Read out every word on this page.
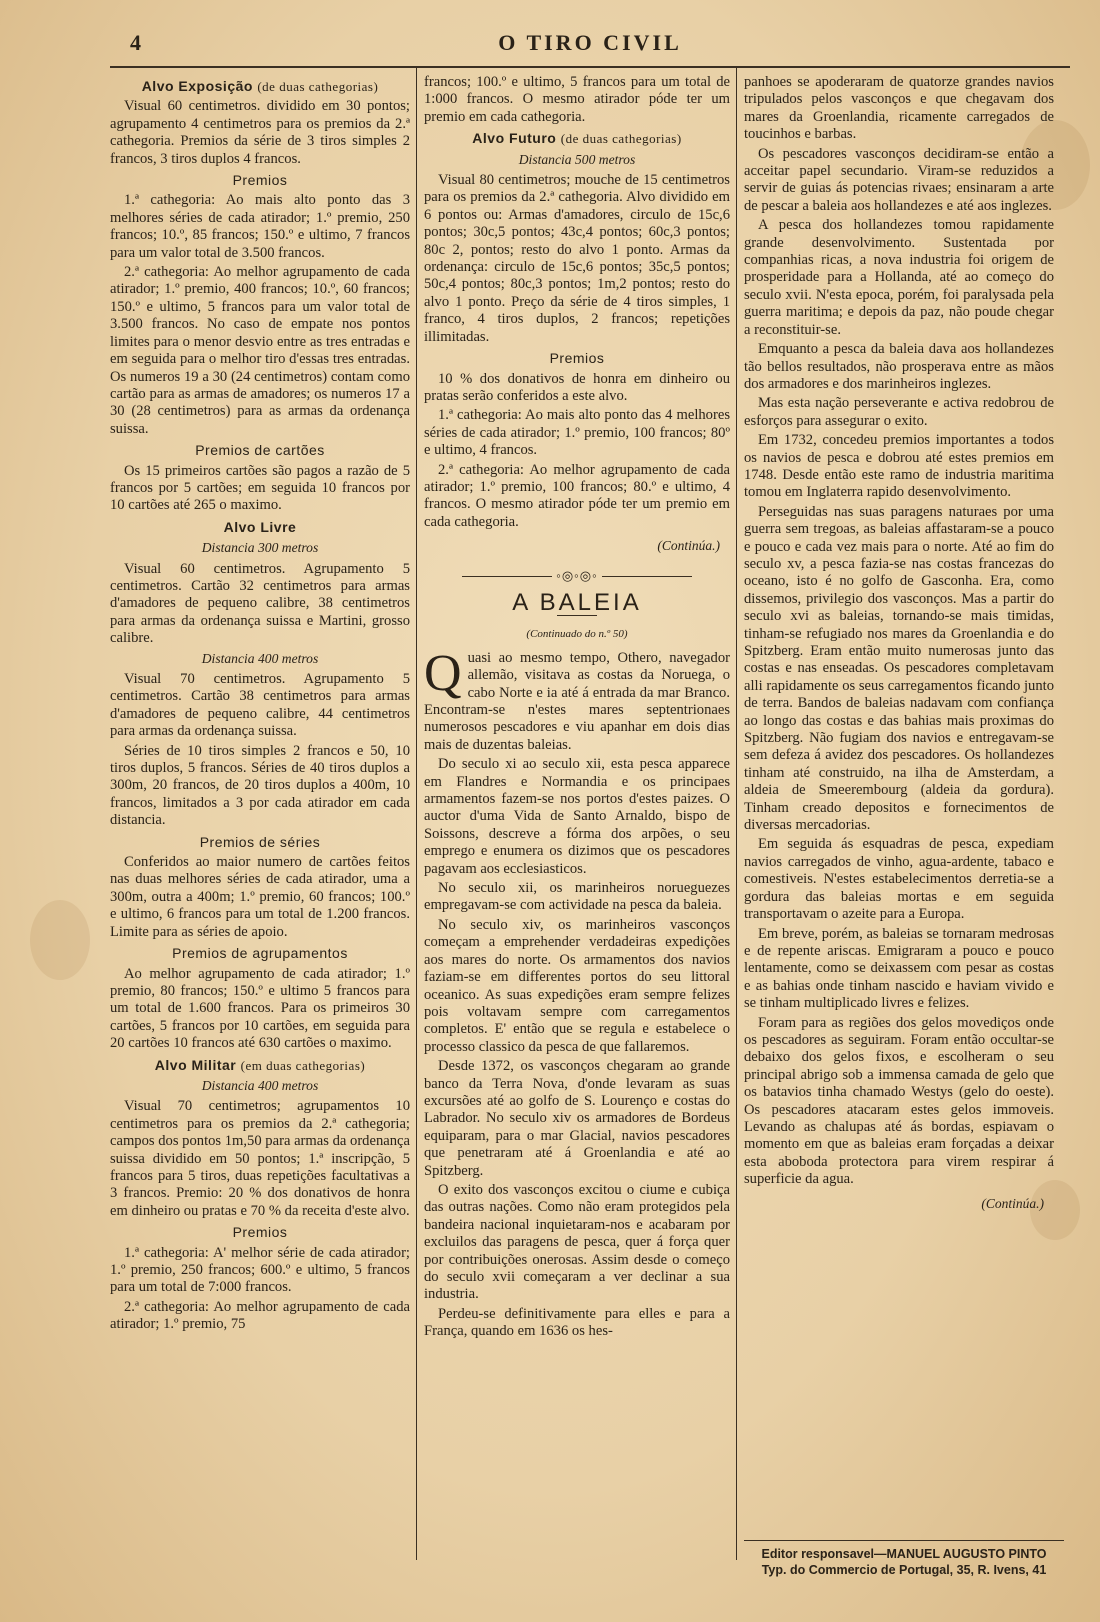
4	O TIRO CIVIL
Alvo Exposição (de duas cathegorias)

Visual 60 centimetros. dividido em 30 pontos; agrupamento 4 centimetros para os premios da 2.ª cathegoria. Premios da série de 3 tiros simples 2 francos, 3 tiros duplos 4 francos.

Premios

1.ª cathegoria: Ao mais alto ponto das 3 melhores séries de cada atirador; 1.º premio, 250 francos; 10.º, 85 francos; 150.º e ultimo, 7 francos para um valor total de 3.500 francos.

2.ª cathegoria: Ao melhor agrupamento de cada atirador; 1.º premio, 400 francos; 10.º, 60 francos; 150.º e ultimo, 5 francos para um valor total de 3.500 francos. No caso de empate nos pontos limites para o menor desvio entre as tres entradas e em seguida para o melhor tiro d'essas tres entradas. Os numeros 19 a 30 (24 centimetros) contam como cartão para as armas de amadores; os numeros 17 a 30 (28 centimetros) para as armas da ordenança suissa.

Premios de cartões

Os 15 primeiros cartões são pagos a razão de 5 francos por 5 cartões; em seguida 10 francos por 10 cartões até 265 o maximo.

Alvo Livre
Distancia 300 metros

Visual 60 centimetros. Agrupamento 5 centimetros. Cartão 32 centimetros para armas d'amadores de pequeno calibre, 38 centimetros para armas da ordenança suissa e Martini, grosso calibre.

Distancia 400 metros

Visual 70 centimetros. Agrupamento 5 centimetros. Cartão 38 centimetros para armas d'amadores de pequeno calibre, 44 centimetros para armas da ordenança suissa.

Séries de 10 tiros simples 2 francos e 50, 10 tiros duplos, 5 francos. Séries de 40 tiros duplos a 300m, 20 francos, de 20 tiros duplos a 400m, 10 francos, limitados a 3 por cada atirador em cada distancia.

Premios de séries

Conferidos ao maior numero de cartões feitos nas duas melhores séries de cada atirador, uma a 300m, outra a 400m; 1.º premio, 60 francos; 100.º e ultimo, 6 francos para um total de 1.200 francos. Limite para as séries de apoio.

Premios de agrupamentos

Ao melhor agrupamento de cada atirador; 1.º premio, 80 francos; 150.º e ultimo 5 francos para um total de 1.600 francos. Para os primeiros 30 cartões, 5 francos por 10 cartões, em seguida para 20 cartões 10 francos até 630 cartões o maximo.

Alvo Militar (em duas cathegorias)
Distancia 400 metros

Visual 70 centimetros; agrupamentos 10 centimetros para os premios da 2.ª cathegoria; campos dos pontos 1m,50 para armas da ordenança suissa dividido em 50 pontos; 1.ª inscripção, 5 francos para 5 tiros, duas repetições facultativas a 3 francos. Premio: 20 % dos donativos de honra em dinheiro ou pratas e 70 % da receita d'este alvo.

Premios

1.ª cathegoria: A' melhor série de cada atirador; 1.º premio, 250 francos; 600.º e ultimo, 5 francos para um total de 7:000 francos.

2.ª cathegoria: Ao melhor agrupamento de cada atirador; 1.º premio, 75

francos; 100.º e ultimo, 5 francos para um total de 1:000 francos. O mesmo atirador póde ter um premio em cada cathegoria.

Alvo Futuro (de duas cathegorias)
Distancia 500 metros

Visual 80 centimetros; mouche de 15 centimetros para os premios da 2.ª cathegoria. Alvo dividido em 6 pontos ou: Armas d'amadores, circulo de 15c,6 pontos; 30c,5 pontos; 43c,4 pontos; 60c,3 pontos; 80c 2, pontos; resto do alvo 1 ponto. Armas da ordenança: circulo de 15c,6 pontos; 35c,5 pontos; 50c,4 pontos; 80c,3 pontos; 1m,2 pontos; resto do alvo 1 ponto. Preço da série de 4 tiros simples, 1 franco, 4 tiros duplos, 2 francos; repetições illimitadas.

Premios

10 % dos donativos de honra em dinheiro ou pratas serão conferidos a este alvo.

1.ª cathegoria: Ao mais alto ponto das 4 melhores séries de cada atirador; 1.º premio, 100 francos; 80º e ultimo, 4 francos.

2.ª cathegoria: Ao melhor agrupamento de cada atirador; 1.º premio, 100 francos; 80.º e ultimo, 4 francos. O mesmo atirador póde ter um premio em cada cathegoria.

(Continúa.)
◦◎◦◎◦
A BALEIA
(Continuado do n.º 50)

Quasi ao mesmo tempo, Othero, navegador allemão, visitava as costas da Noruega, o cabo Norte e ia até á entrada da mar Branco. Encontram-se n'estes mares septentrionaes numerosos pescadores e viu apanhar em dois dias mais de duzentas baleias.

Do seculo xi ao seculo xii, esta pesca apparece em Flandres e Normandia e os principaes armamentos fazem-se nos portos d'estes paizes. O auctor d'uma Vida de Santo Arnaldo, bispo de Soissons, descreve a fórma dos arpões, o seu emprego e enumera os dizimos que os pescadores pagavam aos ecclesiasticos.

No seculo xii, os marinheiros norueguezes empregavam-se com actividade na pesca da baleia.

No seculo xiv, os marinheiros vasconços começam a emprehender verdadeiras expedições aos mares do norte. Os armamentos dos navios faziam-se em differentes portos do seu littoral oceanico. As suas expedições eram sempre felizes pois voltavam sempre com carregamentos completos. E' então que se regula e estabelece o processo classico da pesca de que fallaremos.

Desde 1372, os vasconços chegaram ao grande banco da Terra Nova, d'onde levaram as suas excursões até ao golfo de S. Lourenço e costas do Labrador. No seculo xiv os armadores de Bordeus equiparam, para o mar Glacial, navios pescadores que penetraram até á Groenlandia e até ao Spitzberg.

O exito dos vasconços excitou o ciume e cubiça das outras nações. Como não eram protegidos pela bandeira nacional inquietaram-nos e acabaram por excluilos das paragens de pesca, quer á força quer por contribuições onerosas. Assim desde o começo do seculo xvii começaram a ver declinar a sua industria.

Perdeu-se definitivamente para elles e para a França, quando em 1636 os hes-

panhoes se apoderaram de quatorze grandes navios tripulados pelos vasconços e que chegavam dos mares da Groenlandia, ricamente carregados de toucinhos e barbas.

Os pescadores vasconços decidiram-se então a acceitar papel secundario. Viram-se reduzidos a servir de guias ás potencias rivaes; ensinaram a arte de pescar a baleia aos hollandezes e até aos inglezes.

A pesca dos hollandezes tomou rapidamente grande desenvolvimento. Sustentada por companhias ricas, a nova industria foi origem de prosperidade para a Hollanda, até ao começo do seculo xvii. N'esta epoca, porém, foi paralysada pela guerra maritima; e depois da paz, não poude chegar a reconstituir-se.

Emquanto a pesca da baleia dava aos hollandezes tão bellos resultados, não prosperava entre as mãos dos armadores e dos marinheiros inglezes.

Mas esta nação perseverante e activa redobrou de esforços para assegurar o exito.

Em 1732, concedeu premios importantes a todos os navios de pesca e dobrou até estes premios em 1748. Desde então este ramo de industria maritima tomou em Inglaterra rapido desenvolvimento.

Perseguidas nas suas paragens naturaes por uma guerra sem tregoas, as baleias affastaram-se a pouco e pouco e cada vez mais para o norte. Até ao fim do seculo xv, a pesca fazia-se nas costas francezas do oceano, isto é no golfo de Gasconha. Era, como dissemos, privilegio dos vasconços. Mas a partir do seculo xvi as baleias, tornando-se mais timidas, tinham-se refugiado nos mares da Groenlandia e do Spitzberg. Eram então muito numerosas junto das costas e nas enseadas. Os pescadores completavam alli rapidamente os seus carregamentos ficando junto de terra. Bandos de baleias nadavam com confiança ao longo das costas e das bahias mais proximas do Spitzberg. Não fugiam dos navios e entregavam-se sem defeza á avidez dos pescadores. Os hollandezes tinham até construido, na ilha de Amsterdam, a aldeia de Smeerembourg (aldeia da gordura). Tinham creado depositos e fornecimentos de diversas mercadorias.

Em seguida ás esquadras de pesca, expediam navios carregados de vinho, agua-ardente, tabaco e comestiveis. N'estes estabelecimentos derretia-se a gordura das baleias mortas e em seguida transportavam o azeite para a Europa.

Em breve, porém, as baleias se tornaram medrosas e de repente ariscas. Emigraram a pouco e pouco lentamente, como se deixassem com pesar as costas e as bahias onde tinham nascido e haviam vivido e se tinham multiplicado livres e felizes.

Foram para as regiões dos gelos movediços onde os pescadores as seguiram. Foram então occultar-se debaixo dos gelos fixos, e escolheram o seu principal abrigo sob a immensa camada de gelo que os batavios tinha chamado Westys (gelo do oeste). Os pescadores atacaram estes gelos immoveis. Levando as chalupas até ás bordas, espiavam o momento em que as baleias eram forçadas a deixar esta aboboda protectora para virem respirar á superficie da agua.

(Continúa.)
Editor responsavel—MANUEL AUGUSTO PINTO
Typ. do Commercio de Portugal, 35, R. Ivens, 41
